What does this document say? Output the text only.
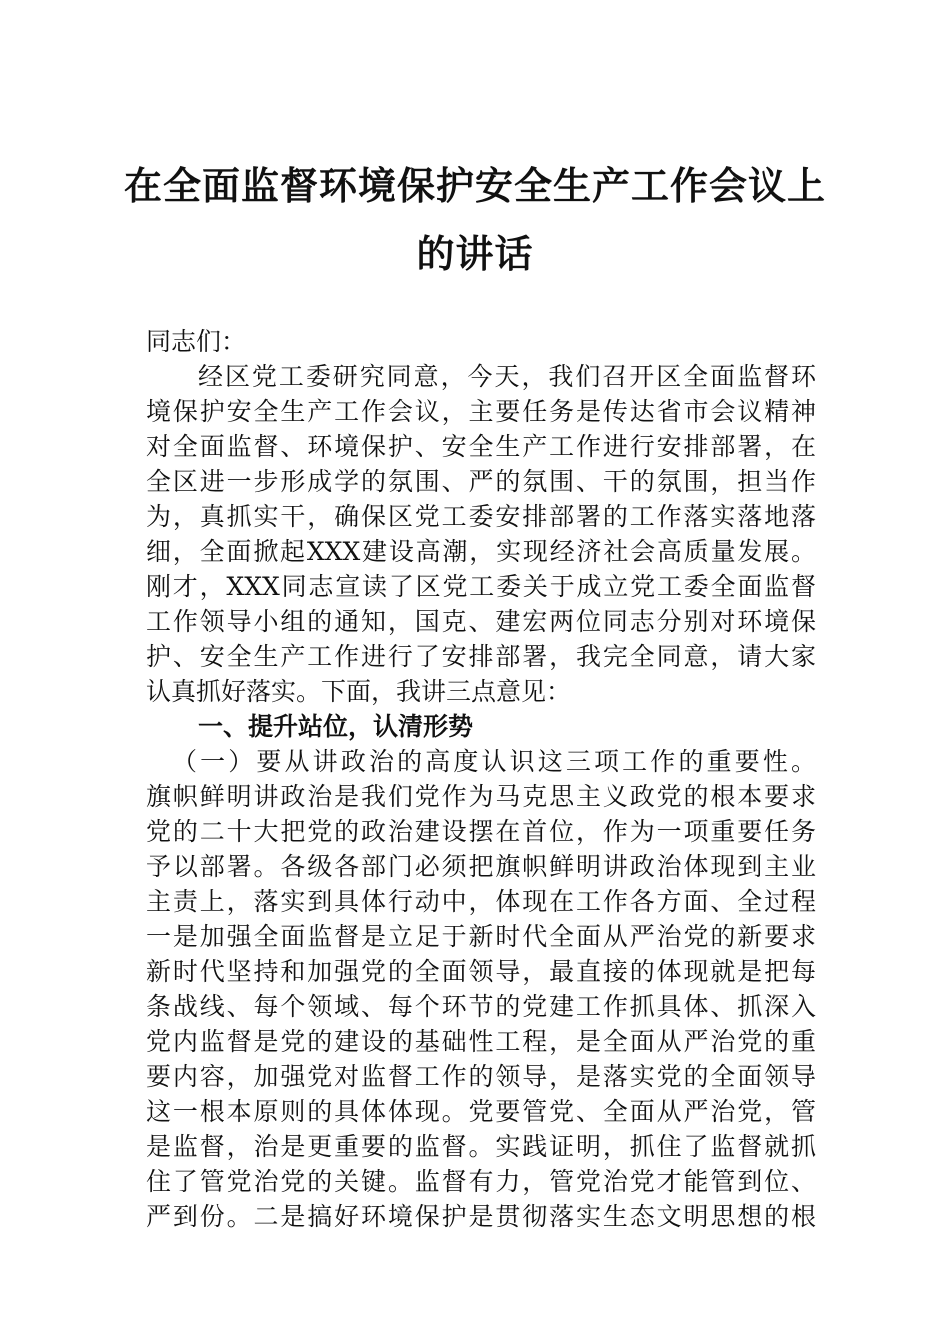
在全面监督环境保护安全生产工作会议上
的讲话
同志们：
经区党工委研究同意，今天，我们召开区全面监督环
境保护安全生产工作会议，主要任务是传达省市会议精神
对全面监督、环境保护、安全生产工作进行安排部署，在
全区进一步形成学的氛围、严的氛围、干的氛围，担当作
为，真抓实干，确保区党工委安排部署的工作落实落地落
细，全面掀起XXX建设高潮，实现经济社会高质量发展。
刚才，XXX同志宣读了区党工委关于成立党工委全面监督
工作领导小组的通知，国克、建宏两位同志分别对环境保
护、安全生产工作进行了安排部署，我完全同意，请大家
认真抓好落实。下面，我讲三点意见：
一、提升站位，认清形势
（一）要从讲政治的高度认识这三项工作的重要性。
旗帜鲜明讲政治是我们党作为马克思主义政党的根本要求
党的二十大把党的政治建设摆在首位，作为一项重要任务
予以部署。各级各部门必须把旗帜鲜明讲政治体现到主业
主责上，落实到具体行动中，体现在工作各方面、全过程
一是加强全面监督是立足于新时代全面从严治党的新要求
新时代坚持和加强党的全面领导，最直接的体现就是把每
条战线、每个领域、每个环节的党建工作抓具体、抓深入
党内监督是党的建设的基础性工程，是全面从严治党的重
要内容，加强党对监督工作的领导，是落实党的全面领导
这一根本原则的具体体现。党要管党、全面从严治党，管
是监督，治是更重要的监督。实践证明，抓住了监督就抓
住了管党治党的关键。监督有力，管党治党才能管到位、
严到份。二是搞好环境保护是贯彻落实生态文明思想的根
